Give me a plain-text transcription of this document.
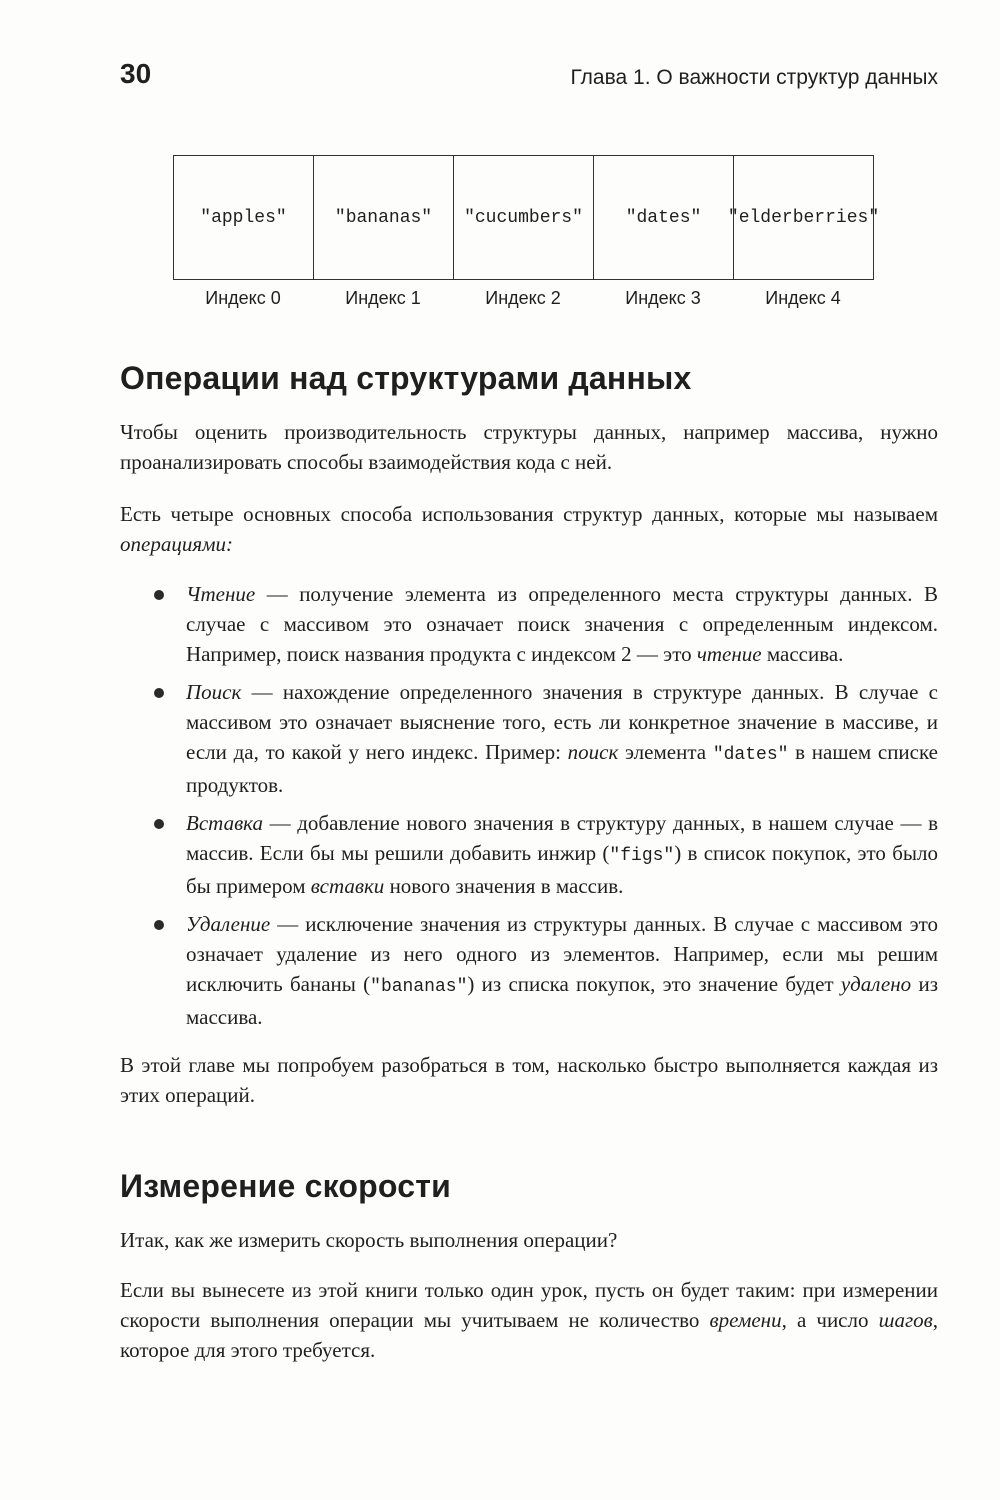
30	Глава 1. О важности структур данных
"apples"	"bananas"	"cucumbers"	"dates"	"elderberries"
Индекс 0	Индекс 1	Индекс 2	Индекс 3	Индекс 4
Операции над структурами данных

Чтобы оценить производительность структуры данных, например массива, нужно проанализировать способы взаимодействия кода с ней.

Есть четыре основных способа использования структур данных, которые мы называем операциями:

Чтение — получение элемента из определенного места структуры данных. В случае с массивом это означает поиск значения с определенным индексом. Например, поиск названия продукта с индексом 2 — это чтение массива.
Поиск — нахождение определенного значения в структуре данных. В случае с массивом это означает выяснение того, есть ли конкретное значение в массиве, и если да, то какой у него индекс. Пример: поиск элемента "dates" в нашем списке продуктов.
Вставка — добавление нового значения в структуру данных, в нашем случае — в массив. Если бы мы решили добавить инжир ("figs") в список покупок, это было бы примером вставки нового значения в массив.
Удаление — исключение значения из структуры данных. В случае с массивом это означает удаление из него одного из элементов. Например, если мы решим исключить бананы ("bananas") из списка покупок, это значение будет удалено из массива.

В этой главе мы попробуем разобраться в том, насколько быстро выполняется каждая из этих операций.

Измерение скорости

Итак, как же измерить скорость выполнения операции?

Если вы вынесете из этой книги только один урок, пусть он будет таким: при измерении скорости выполнения операции мы учитываем не количество времени, а число шагов, которое для этого требуется.
